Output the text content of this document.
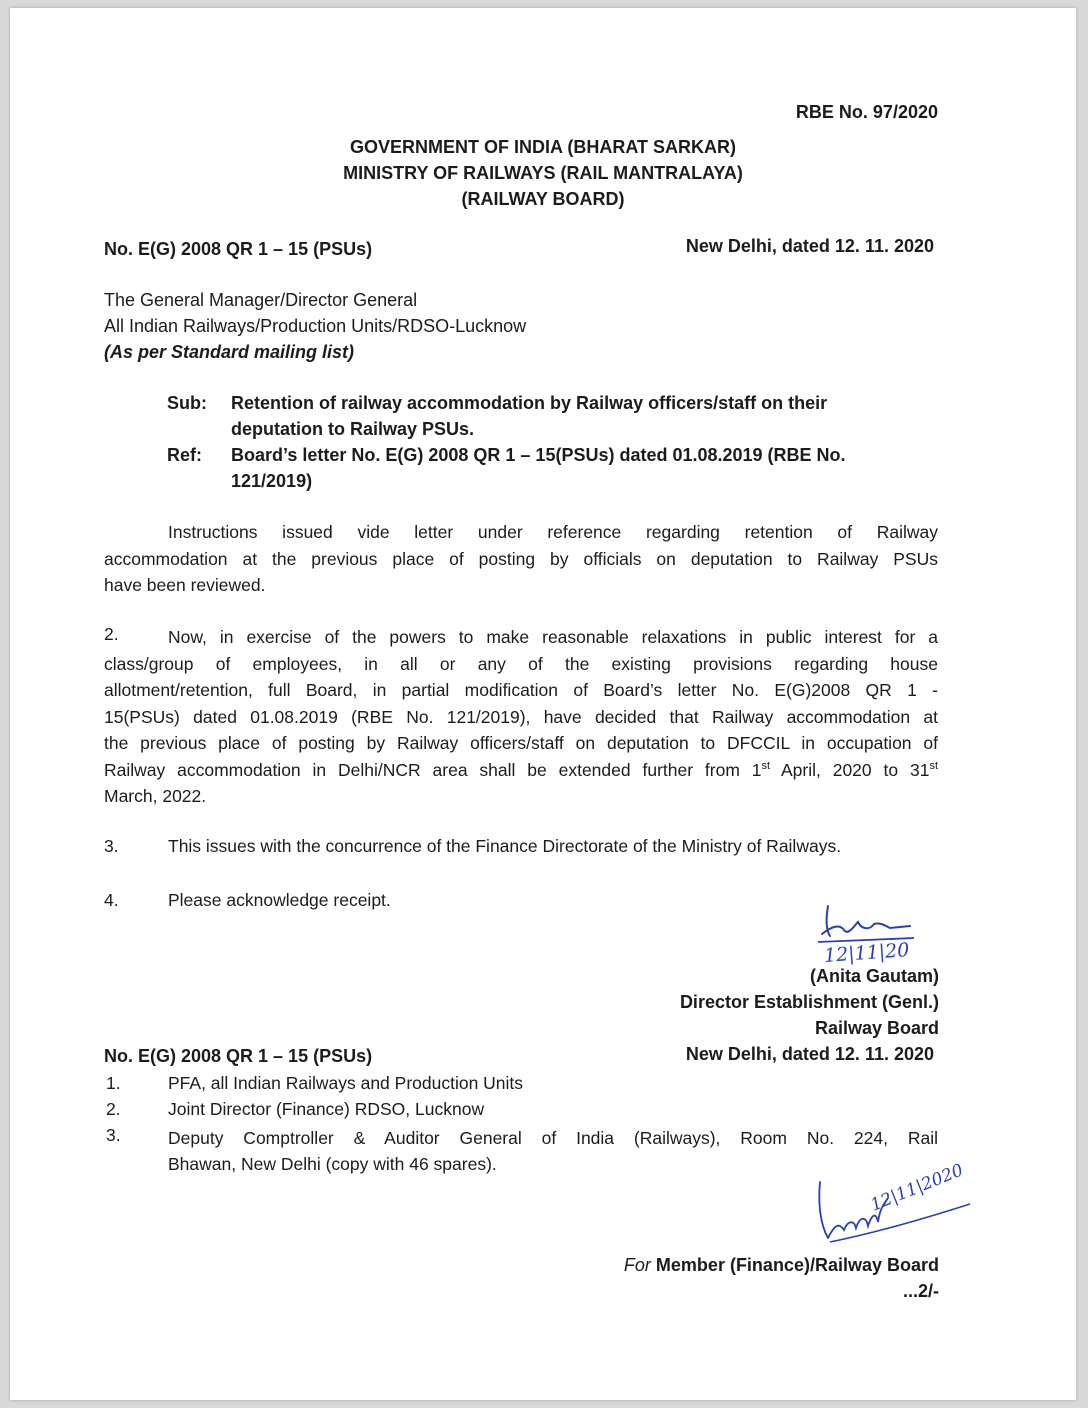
RBE No. 97/2020
GOVERNMENT OF INDIA (BHARAT SARKAR)
MINISTRY OF RAILWAYS (RAIL MANTRALAYA)
(RAILWAY BOARD)
No. E(G) 2008 QR 1 – 15 (PSUs)	New Delhi, dated 12. 11. 2020
The General Manager/Director General
All Indian Railways/Production Units/RDSO-Lucknow
(As per Standard mailing list)
Sub: Retention of railway accommodation by Railway officers/staff on their
deputation to Railway PSUs.
Ref: Board’s letter No. E(G) 2008 QR 1 – 15(PSUs) dated 01.08.2019 (RBE No.
121/2019)
Instructions issued vide letter under reference regarding retention of Railway
accommodation at the previous place of posting by officials on deputation to Railway PSUs
have been reviewed.
2.	Now, in exercise of the powers to make reasonable relaxations in public interest for a
class/group of employees, in all or any of the existing provisions regarding house
allotment/retention, full Board, in partial modification of Board’s letter No. E(G)2008 QR 1 -
15(PSUs) dated 01.08.2019 (RBE No. 121/2019), have decided that Railway accommodation at
the previous place of posting by Railway officers/staff on deputation to DFCCIL in occupation of
Railway accommodation in Delhi/NCR area shall be extended further from 1st April, 2020 to 31st
March, 2022.
3.	This issues with the concurrence of the Finance Directorate of the Ministry of Railways.
4.	Please acknowledge receipt.
12|11|20
(Anita Gautam)
Director Establishment (Genl.)
Railway Board
No. E(G) 2008 QR 1 – 15 (PSUs)	New Delhi, dated 12. 11. 2020
1.	PFA, all Indian Railways and Production Units
2.	Joint Director (Finance) RDSO, Lucknow
3.	Deputy Comptroller & Auditor General of India (Railways), Room No. 224, Rail
Bhawan, New Delhi (copy with 46 spares).	12|11|2020
For Member (Finance)/Railway Board
...2/-
